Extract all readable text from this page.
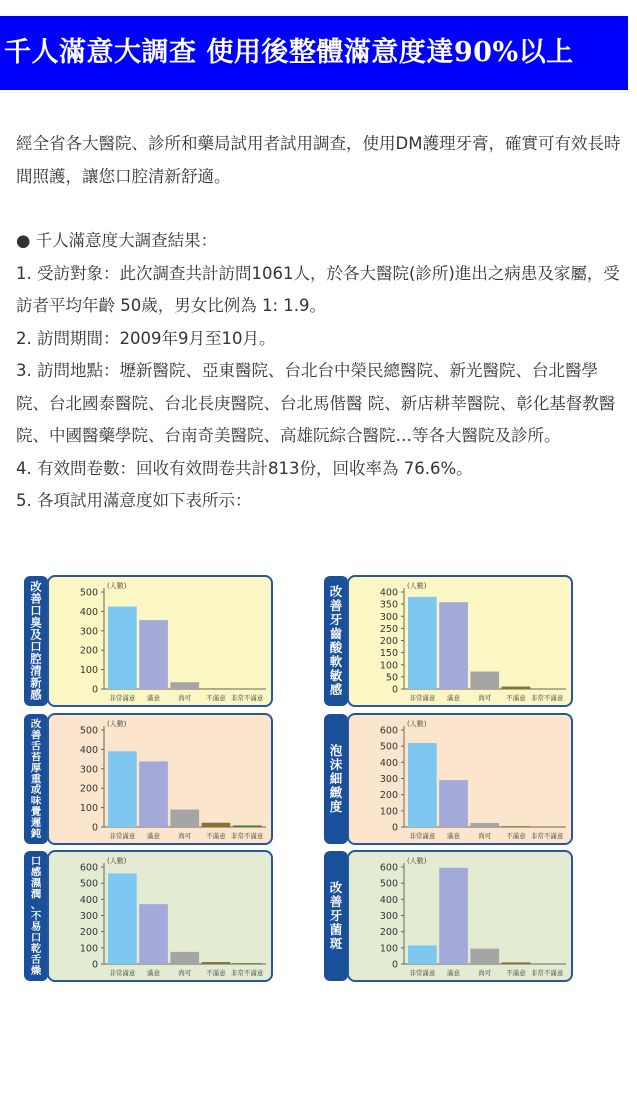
千人滿意大調查 使用後整體滿意度達90%以上

經全省各大醫院、診所和藥局試用者試用調查，使用DM護理牙膏，確實可有效長時間照護，讓您口腔清新舒適。

● 千人滿意度大調查結果：

1. 受訪對象：此次調查共計訪問1061人，於各大醫院(診所)進出之病患及家屬，受訪者平均年齡 50歲，男女比例為 1: 1.9。

2. 訪問期間：2009年9月至10月。

3. 訪問地點：壢新醫院、亞東醫院、台北台中榮民總醫院、新光醫院、台北醫學院、台北國泰醫院、台北長庚醫院、台北馬偕醫 院、新店耕莘醫院、彰化基督教醫院、中國醫藥學院、台南奇美醫院、高雄阮綜合醫院…等各大醫院及診所。

4. 有效問卷數：回收有效問卷共計813份，回收率為 76.6%。

5. 各項試用滿意度如下表所示：

改善口臭及口腔清新感
(人數)
0
100
200
300
400
500
非常滿意 滿意	尚可 不滿意 非常不滿意
改善牙齒酸軟敏感
(人數)
0
50
100
150
200
250
300
350
400
非常滿意 滿意	尚可 不滿意 非常不滿意
改善舌苔厚重或味覺遲鈍
(人數)
0
100
200
300
400
500
非常滿意 滿意	尚可 不滿意 非常不滿意
泡沫細緻度
(人數)
0
100
200
300
400
500
600
非常滿意 滿意	尚可 不滿意 非常不滿意
口感濕潤、不易口乾舌燥
(人數)
0
100
200
300
400
500
600
非常滿意 滿意	尚可 不滿意 非常不滿意
改善牙菌斑
(人數)
0
100
200
300
400
500
600
非常滿意 滿意	尚可 不滿意 非常不滿意
